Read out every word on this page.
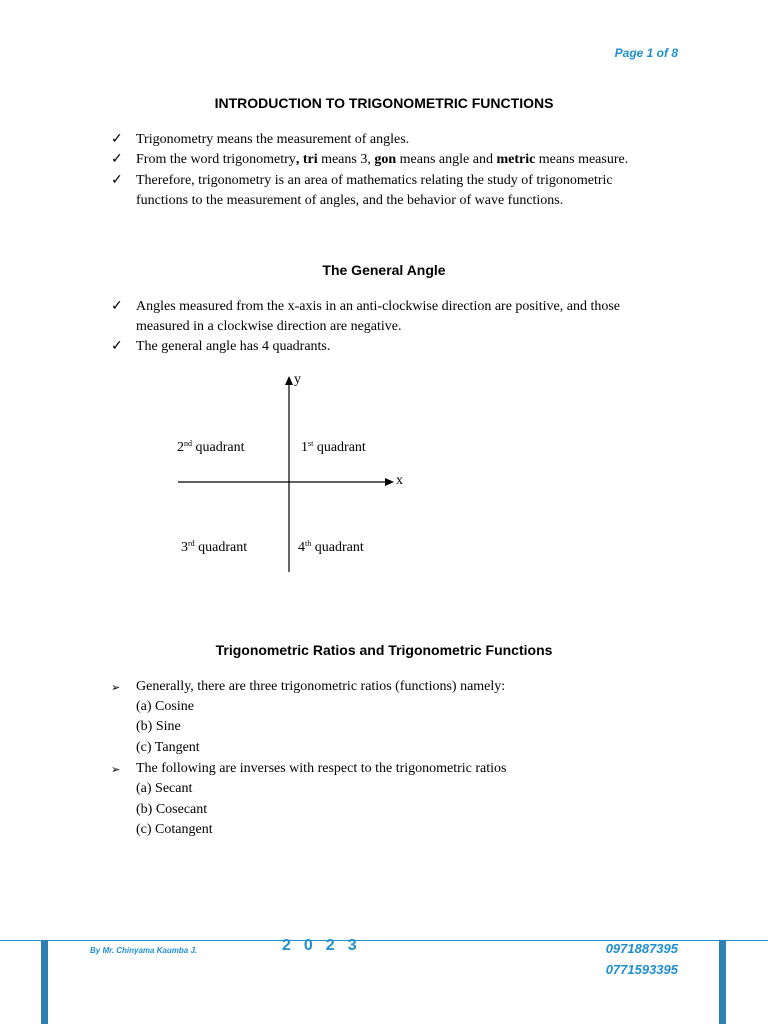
Page 1 of 8
INTRODUCTION TO TRIGONOMETRIC FUNCTIONS
✓ Trigonometry means the measurement of angles.
✓ From the word trigonometry, tri means 3, gon means angle and metric means measure.
✓ Therefore, trigonometry is an area of mathematics relating the study of trigonometric
functions to the measurement of angles, and the behavior of wave functions.
The General Angle
✓ Angles measured from the x-axis in an anti-clockwise direction are positive, and those
measured in a clockwise direction are negative.
✓ The general angle has 4 quadrants.
y
x
2nd quadrant	1st quadrant
3rd quadrant	4th quadrant
Trigonometric Ratios and Trigonometric Functions
➢ Generally, there are three trigonometric ratios (functions) namely:
(a) Cosine
(b) Sine
(c) Tangent
➢ The following are inverses with respect to the trigonometric ratios
(a) Secant
(b) Cosecant
(c) Cotangent
By Mr. Chinyama Kaumba J.	2023	0971887395
0771593395
